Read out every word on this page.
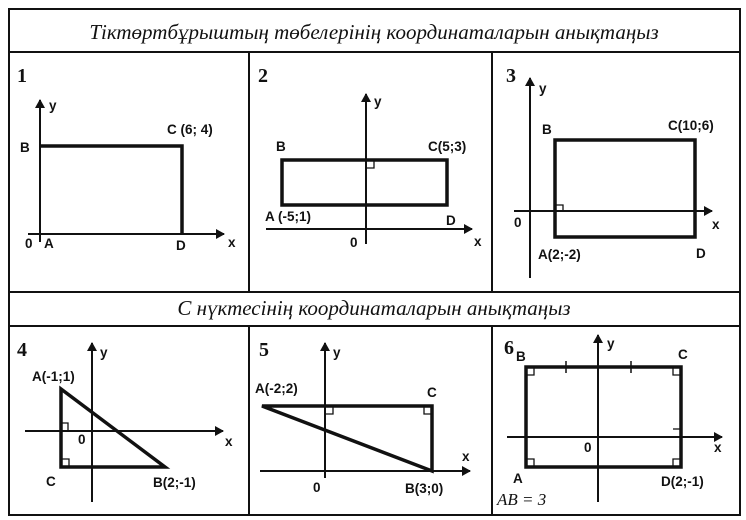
Тіктөртбұрыштың төбелерінің координаталарын анықтаңыз
С нүктесінің координаталарын анықтаңыз
1
y
x
0
B
A
C (6; 4)
D
2
y
x
0
B
A (-5;1)
C(5;3)
D
3
y
x
0
B
A(2;-2)
C(10;6)
D
4	y
x
0
A(-1;1)
C	B(2;-1)
5	y
x
0
A(-2;2)	C
B(3;0)
6	y
x
0
B	C
A	D(2;-1)
AB = 3
